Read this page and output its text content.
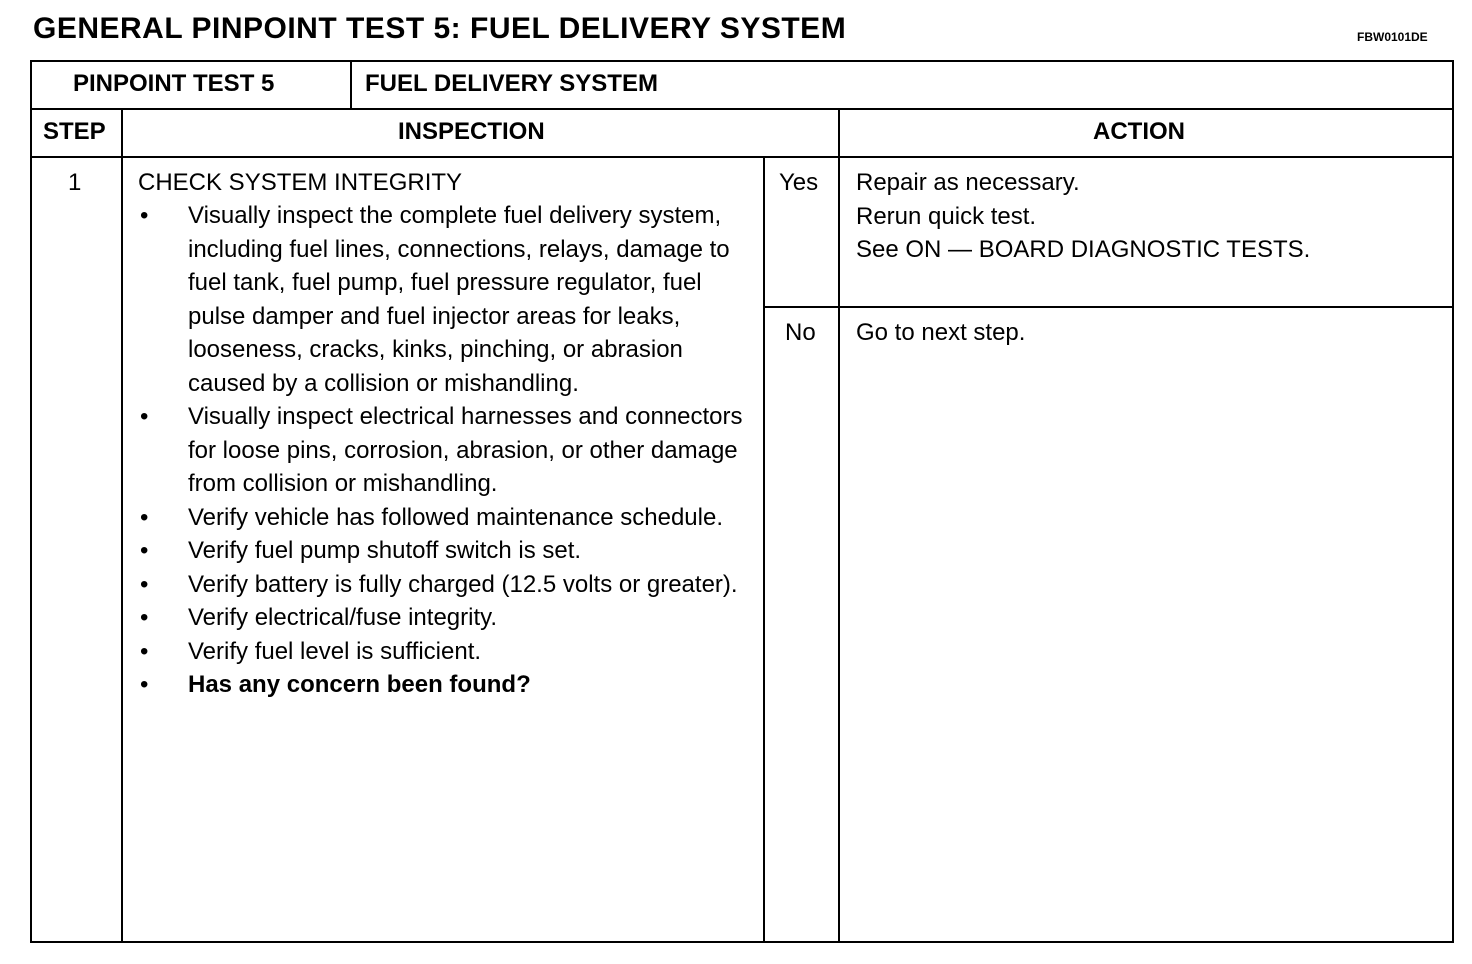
GENERAL PINPOINT TEST 5: FUEL DELIVERY SYSTEM	FBW0101DE
PINPOINT TEST 5	FUEL DELIVERY SYSTEM
STEP	INSPECTION	ACTION
1 CHECK SYSTEM INTEGRITY
• Visually inspect the complete fuel delivery system, including fuel lines, connections, relays, damage to fuel tank, fuel pump, fuel pressure regulator, fuel pulse damper and fuel injector areas for leaks, looseness, cracks, kinks, pinching, or abrasion caused by a collision or mishandling.
• Visually inspect electrical harnesses and connectors for loose pins, corrosion, abrasion, or other damage from collision or mishandling.
• Verify vehicle has followed maintenance schedule.
• Verify fuel pump shutoff switch is set.
• Verify battery is fully charged (12.5 volts or greater).
• Verify electrical/fuse integrity.
• Verify fuel level is sufficient.
• Has any concern been found?
Yes Repair as necessary.
Rerun quick test.
See ON — BOARD DIAGNOSTIC TESTS.
No Go to next step.
